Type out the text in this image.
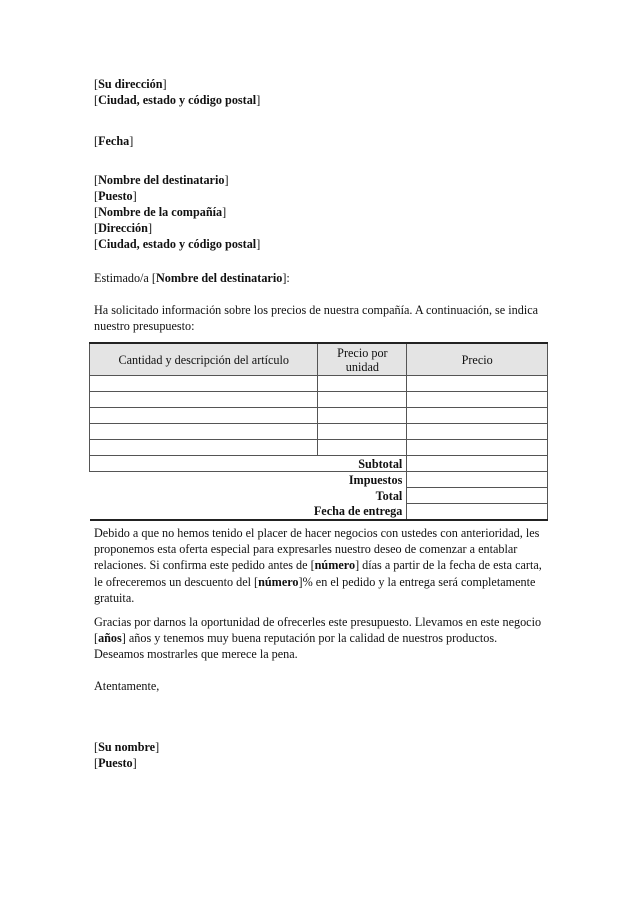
[Su dirección]

[Ciudad, estado y código postal]

[Fecha]

[Nombre del destinatario]

[Puesto]

[Nombre de la compañía]

[Dirección]

[Ciudad, estado y código postal]

Estimado/a [Nombre del destinatario]:

Ha solicitado información sobre los precios de nuestra compañía. A continuación, se indica nuestro presupuesto:

Cantidad y descripción del artículo	Precio por unidad	Precio

Subtotal		
Impuestos		
Total		
Fecha de entrega		

Debido a que no hemos tenido el placer de hacer negocios con ustedes con anterioridad, les proponemos esta oferta especial para expresarles nuestro deseo de comenzar a entablar relaciones. Si confirma este pedido antes de [número] días a partir de la fecha de esta carta, le ofreceremos un descuento del [número]% en el pedido y la entrega será completamente gratuita.

Gracias por darnos la oportunidad de ofrecerles este presupuesto. Llevamos en este negocio [años] años y tenemos muy buena reputación por la calidad de nuestros productos. Deseamos mostrarles que merece la pena.

Atentamente,

[Su nombre]

[Puesto]
